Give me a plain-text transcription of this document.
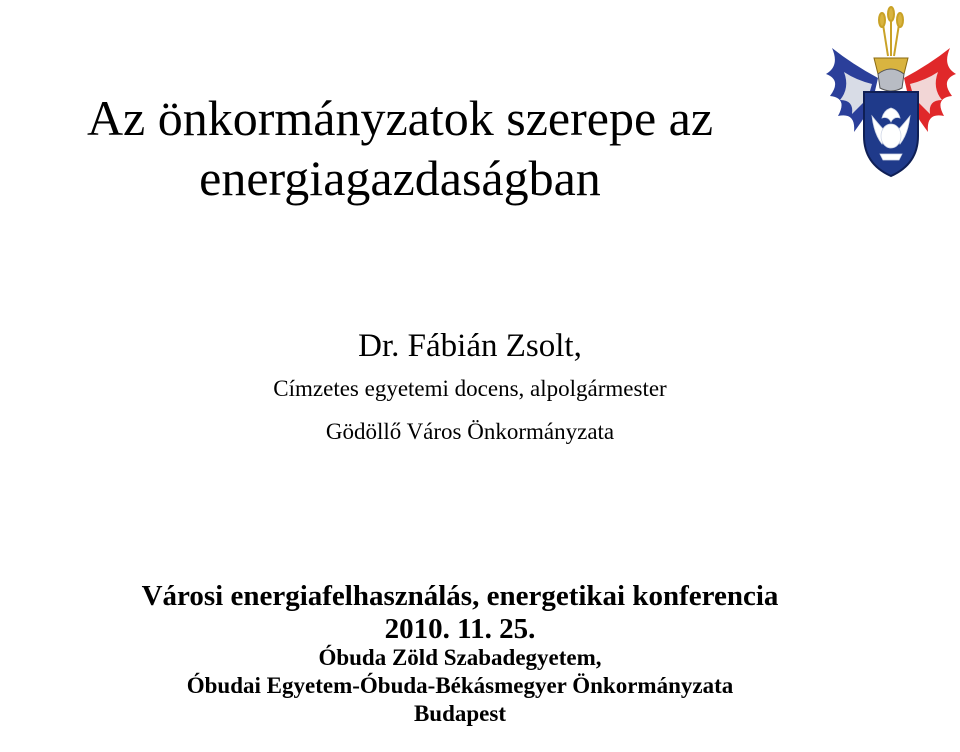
Az önkormányzatok szerepe az
energiagazdaságban
Dr. Fábián Zsolt,
Címzetes egyetemi docens, alpolgármester
Gödöllő Város Önkormányzata
Városi energiafelhasználás, energetikai konferencia
2010. 11. 25.
Óbuda Zöld Szabadegyetem,
Óbudai Egyetem-Óbuda-Békásmegyer Önkormányzata
Budapest
